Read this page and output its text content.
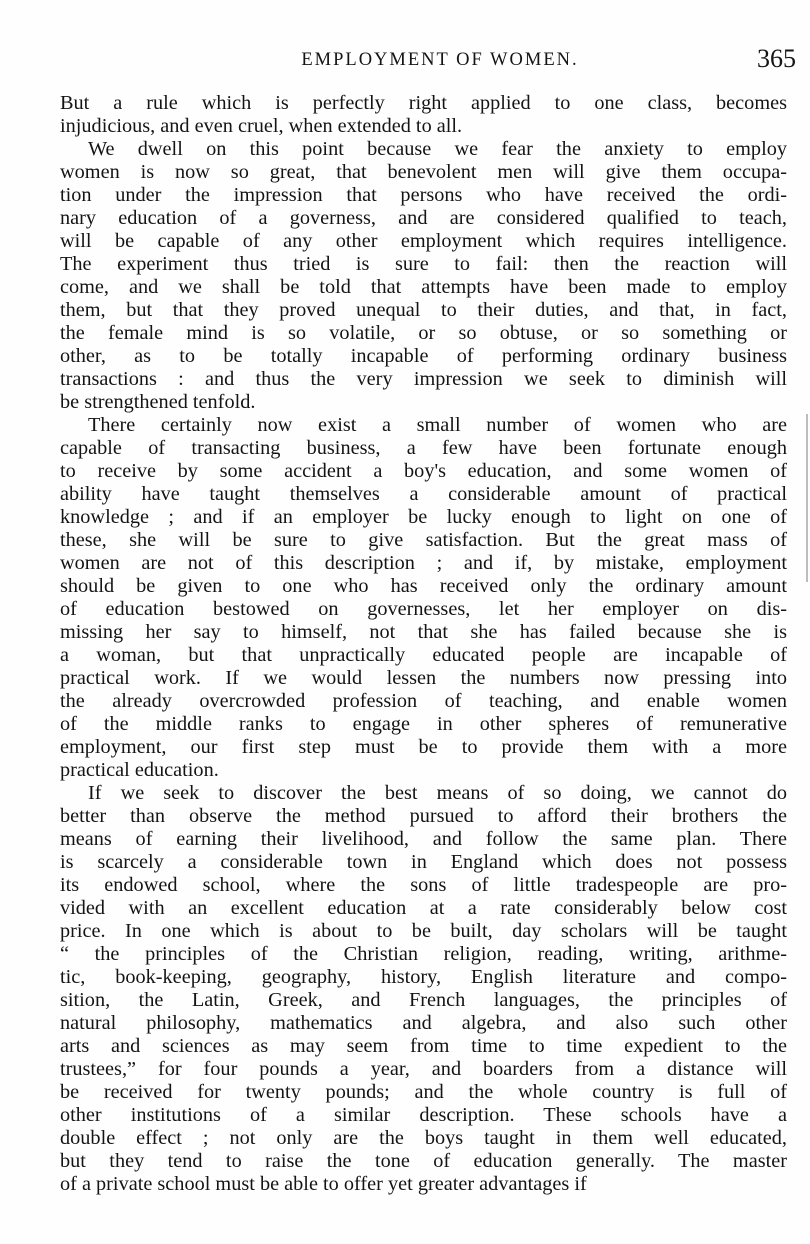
EMPLOYMENT OF WOMEN.	365
But a rule which is perfectly right applied to one class, becomes
injudicious, and even cruel, when extended to all.
We dwell on this point because we fear the anxiety to employ
women is now so great, that benevolent men will give them occupa-
tion under the impression that persons who have received the ordi-
nary education of a governess, and are considered qualified to teach,
will be capable of any other employment which requires intelligence.
The experiment thus tried is sure to fail: then the reaction will
come, and we shall be told that attempts have been made to employ
them, but that they proved unequal to their duties, and that, in fact,
the female mind is so volatile, or so obtuse, or so something or
other, as to be totally incapable of performing ordinary business
transactions : and thus the very impression we seek to diminish will
be strengthened tenfold.
There certainly now exist a small number of women who are
capable of transacting business, a few have been fortunate enough
to receive by some accident a boy's education, and some women of
ability have taught themselves a considerable amount of practical
knowledge ; and if an employer be lucky enough to light on one of
these, she will be sure to give satisfaction. But the great mass of
women are not of this description ; and if, by mistake, employment
should be given to one who has received only the ordinary amount
of education bestowed on governesses, let her employer on dis-
missing her say to himself, not that she has failed because she is
a woman, but that unpractically educated people are incapable of
practical work. If we would lessen the numbers now pressing into
the already overcrowded profession of teaching, and enable women
of the middle ranks to engage in other spheres of remunerative
employment, our first step must be to provide them with a more
practical education.
If we seek to discover the best means of so doing, we cannot do
better than observe the method pursued to afford their brothers the
means of earning their livelihood, and follow the same plan. There
is scarcely a considerable town in England which does not possess
its endowed school, where the sons of little tradespeople are pro-
vided with an excellent education at a rate considerably below cost
price. In one which is about to be built, day scholars will be taught
“ the principles of the Christian religion, reading, writing, arithme-
tic, book-keeping, geography, history, English literature and compo-
sition, the Latin, Greek, and French languages, the principles of
natural philosophy, mathematics and algebra, and also such other
arts and sciences as may seem from time to time expedient to the
trustees,” for four pounds a year, and boarders from a distance will
be received for twenty pounds; and the whole country is full of
other institutions of a similar description. These schools have a
double effect ; not only are the boys taught in them well educated,
but they tend to raise the tone of education generally. The master
of a private school must be able to offer yet greater advantages if
